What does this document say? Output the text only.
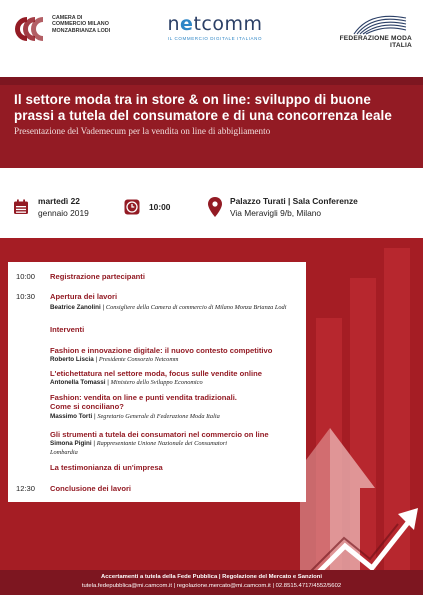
CAMERA DI COMMERCIO MILANO MONZABRIANZA LODI	netcomm
IL COMMERCIO DIGITALE ITALIANO	FEDERAZIONE MODA ITALIA
Il settore moda tra in store & on line: sviluppo di buone
prassi a tutela del consumatore e di una concorrenza leale
Presentazione del Vademecum per la vendita on line di abbigliamento
martedì 22
gennaio 2019
10:00
Palazzo Turati | Sala Conferenze
Via Meravigli 9/b, Milano
10:00 Registrazione partecipanti
10:30 Apertura dei lavori
Beatrice Zanolini | Consigliere della Camera di commercio di Milano Monza Brianza Lodi
Interventi
Fashion e innovazione digitale: il nuovo contesto competitivo
Roberto Liscia | Presidente Consorzio Netcomm
L'etichettatura nel settore moda, focus sulle vendite online
Antonella Tomassi | Ministero dello Sviluppo Economico
Fashion: vendita on line e punti vendita tradizionali.
Come si conciliano?
Massimo Torti | Segretario Generale di Federazione Moda Italia
Gli strumenti a tutela dei consumatori nel commercio on line
Simona Pigini | Rappresentante Unione Nazionale dei Consumatori Lombardia
La testimonianza di un'impresa
12:30 Conclusione dei lavori
Accertamenti a tutela della Fede Pubblica | Regolazione del Mercato e Sanzioni
tutela.fedepubblica@mi.camcom.it | regolazione.mercato@mi.camcom.it | 02.8515.4717/4552/5602
